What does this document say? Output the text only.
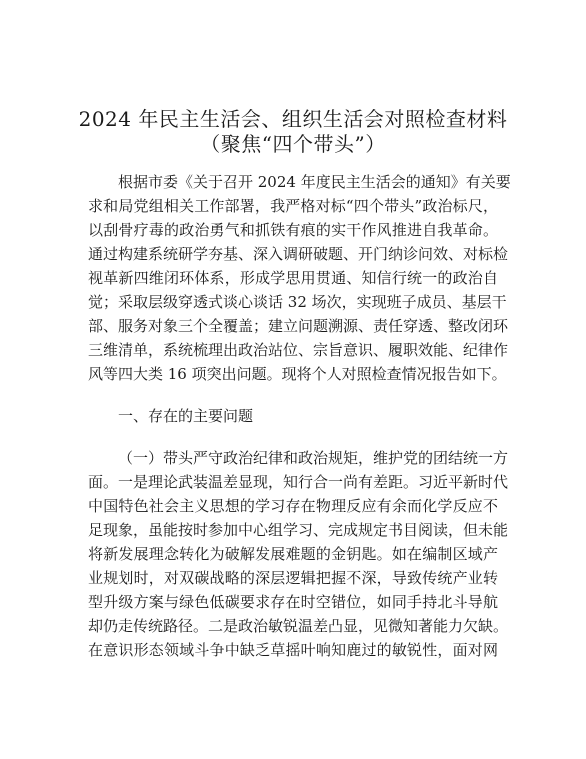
2024 年民主生活会、组织生活会对照检查材料
（聚焦“四个带头”）
根据市委《关于召开 2024 年度民主生活会的通知》有关要
求和局党组相关工作部署，我严格对标“四个带头”政治标尺，
以刮骨疗毒的政治勇气和抓铁有痕的实干作风推进自我革命。
通过构建系统研学夯基、深入调研破题、开门纳诊问效、对标检
视革新四维闭环体系，形成学思用贯通、知信行统一的政治自
觉；采取层级穿透式谈心谈话 32 场次，实现班子成员、基层干
部、服务对象三个全覆盖；建立问题溯源、责任穿透、整改闭环
三维清单，系统梳理出政治站位、宗旨意识、履职效能、纪律作
风等四大类 16 项突出问题。现将个人对照检查情况报告如下。
一、存在的主要问题
（一）带头严守政治纪律和政治规矩，维护党的团结统一方
面。一是理论武装温差显现，知行合一尚有差距。习近平新时代
中国特色社会主义思想的学习存在物理反应有余而化学反应不
足现象，虽能按时参加中心组学习、完成规定书目阅读，但未能
将新发展理念转化为破解发展难题的金钥匙。如在编制区域产
业规划时，对双碳战略的深层逻辑把握不深，导致传统产业转
型升级方案与绿色低碳要求存在时空错位，如同手持北斗导航
却仍走传统路径。二是政治敏锐温差凸显，见微知著能力欠缺。
在意识形态领域斗争中缺乏草摇叶响知鹿过的敏锐性，面对网
